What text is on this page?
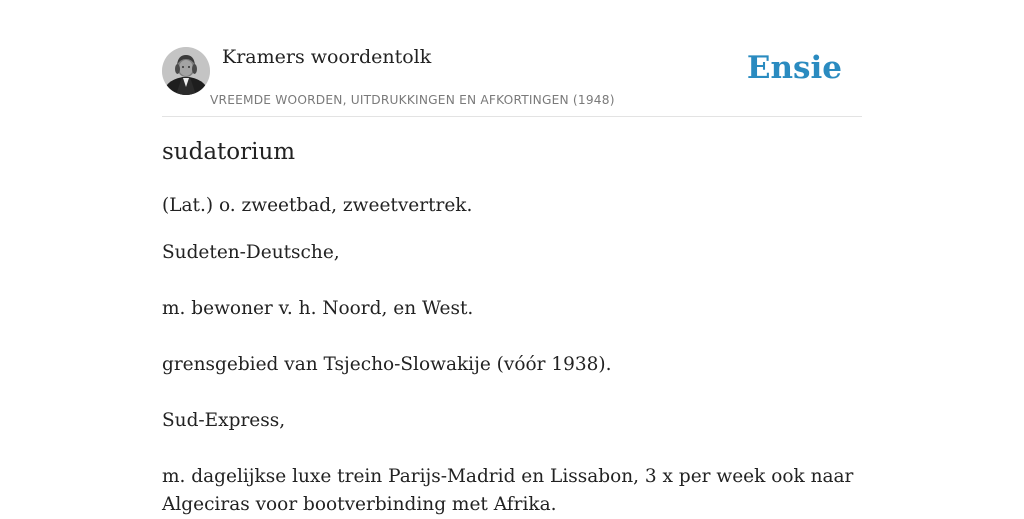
Kramers woordentolk
VREEMDE WOORDEN, UITDRUKKINGEN EN AFKORTINGEN (1948)
Ensie
sudatorium
(Lat.) o. zweetbad, zweetvertrek.
Sudeten-Deutsche,
m. bewoner v. h. Noord, en West.
grensgebied van Tsjecho-Slowakije (vóór 1938).
Sud-Express,
m. dagelijkse luxe trein Parijs-Madrid en Lissabon, 3 x per week ook naar Algeciras voor bootverbinding met Afrika.
